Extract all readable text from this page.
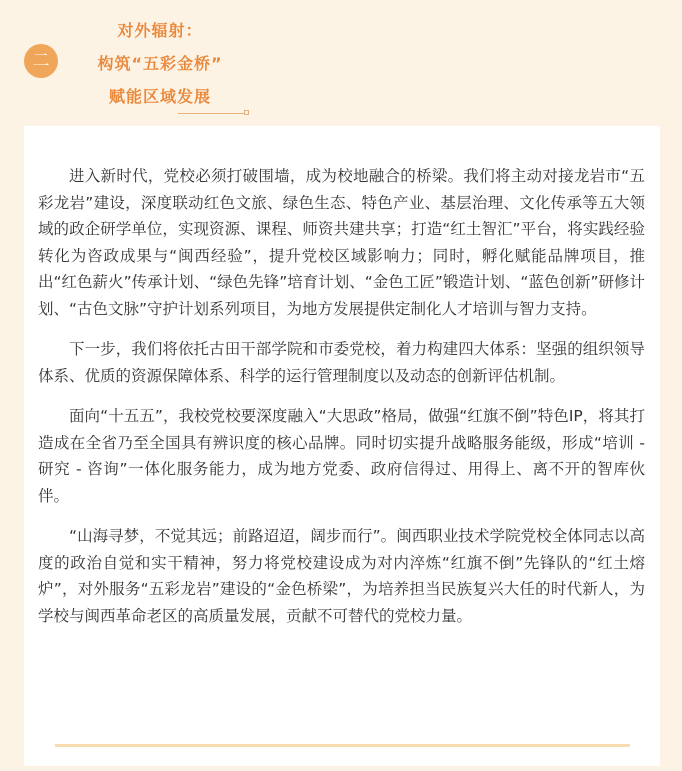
二
对外辐射：
构筑“五彩金桥”
赋能区域发展

进入新时代，党校必须打破围墙，成为校地融合的桥梁。我们将主动对接龙岩市“五彩龙岩”建设，深度联动红色文旅、绿色生态、特色产业、基层治理、文化传承等五大领域的政企研学单位，实现资源、课程、师资共建共享；打造“红土智汇”平台，将实践经验转化为咨政成果与“闽西经验”，提升党校区域影响力；同时，孵化赋能品牌项目，推出“红色薪火”传承计划、“绿色先锋”培育计划、“金色工匠”锻造计划、“蓝色创新”研修计划、“古色文脉”守护计划系列项目，为地方发展提供定制化人才培训与智力支持。

下一步，我们将依托古田干部学院和市委党校，着力构建四大体系：坚强的组织领导体系、优质的资源保障体系、科学的运行管理制度以及动态的创新评估机制。

面向“十五五”，我校党校要深度融入“大思政”格局，做强“红旗不倒”特色IP，将其打造成在全省乃至全国具有辨识度的核心品牌。同时切实提升战略服务能级，形成“培训 - 研究 - 咨询”一体化服务能力，成为地方党委、政府信得过、用得上、离不开的智库伙伴。

“山海寻梦，不觉其远；前路迢迢，阔步而行”。闽西职业技术学院党校全体同志以高度的政治自觉和实干精神，努力将党校建设成为对内淬炼“红旗不倒”先锋队的“红土熔炉”，对外服务“五彩龙岩”建设的“金色桥梁”，为培养担当民族复兴大任的时代新人，为学校与闽西革命老区的高质量发展，贡献不可替代的党校力量。
